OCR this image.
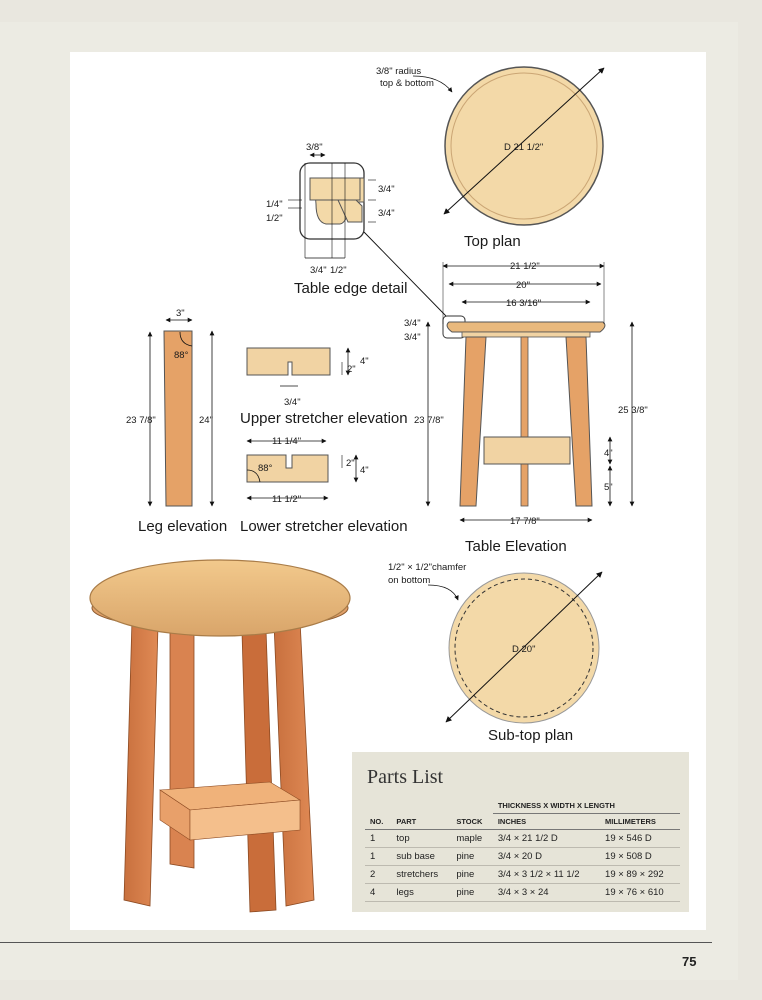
75
D 21 1/2"
3/8" radius
top & bottom
Top plan
3/8"
1/4"
1/2"
3/4"
3/4"
3/4" 1/2"
Table edge detail
3"
88°
23 7/8"	24"
Leg elevation
4"
2"
3/4"
Upper stretcher elevation
11 1/4"
88°	2"
4"
11 1/2"
Lower stretcher elevation
21 1/2"
20"
16 3/16"
3/4"
3/4"
23 7/8"
25 3/8"
4"
5"
17 7/8"
Table Elevation
D 20"
1/2" × 1/2"chamfer
on bottom
Sub-top plan
Parts List
			THICKNESS X WIDTH X LENGTH	
NO.	PART	STOCK	INCHES	MILLIMETERS
1	top	maple	3/4 × 21 1/2 D	19 × 546 D
1	sub base	pine	3/4 × 20 D	19 × 508 D
2	stretchers	pine	3/4 × 3 1/2 × 11 1/2	19 × 89 × 292
4	legs	pine	3/4 × 3 × 24	19 × 76 × 610
